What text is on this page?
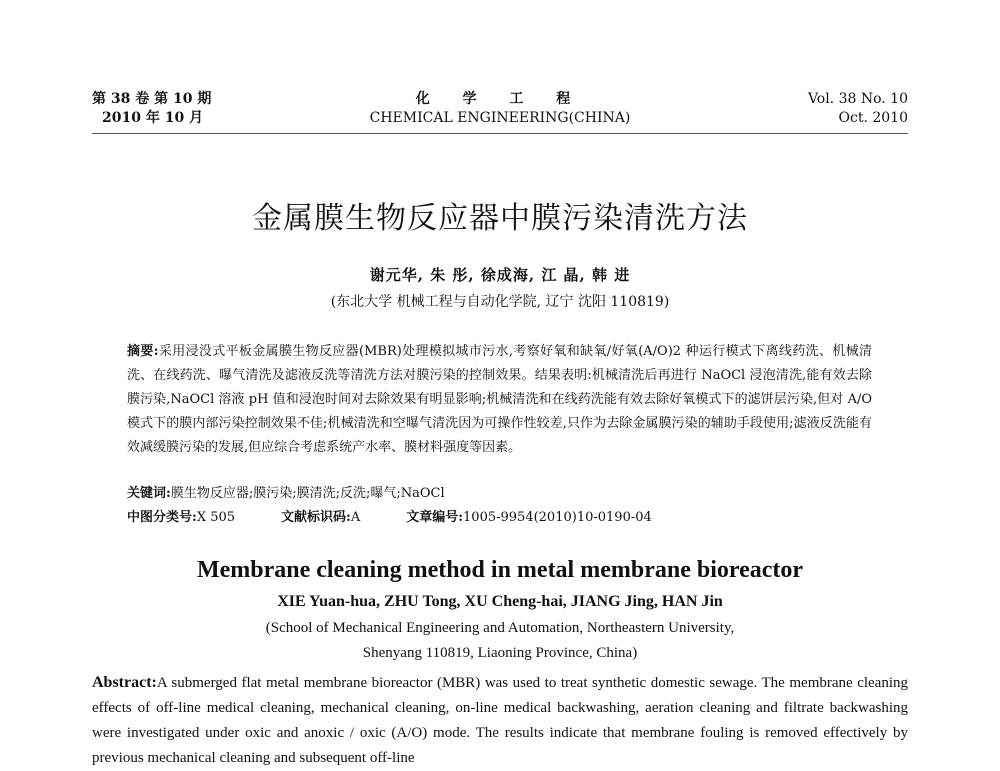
第 38 卷 第 10 期
2010 年 10 月
化 学 工 程
CHEMICAL ENGINEERING(CHINA)
Vol. 38 No. 10
Oct. 2010
金属膜生物反应器中膜污染清洗方法
谢元华, 朱 彤, 徐成海, 江 晶, 韩 进
(东北大学 机械工程与自动化学院, 辽宁 沈阳 110819)
摘要:采用浸没式平板金属膜生物反应器(MBR)处理模拟城市污水,考察好氧和缺氧/好氧(A/O)2 种运行模式下离线药洗、机械清洗、在线药洗、曝气清洗及滤液反洗等清洗方法对膜污染的控制效果。结果表明:机械清洗后再进行 NaOCl 浸泡清洗,能有效去除膜污染,NaOCl 溶液 pH 值和浸泡时间对去除效果有明显影响;机械清洗和在线药洗能有效去除好氧模式下的滤饼层污染,但对 A/O 模式下的膜内部污染控制效果不佳;机械清洗和空曝气清洗因为可操作性较差,只作为去除金属膜污染的辅助手段使用;滤液反洗能有效减缓膜污染的发展,但应综合考虑系统产水率、膜材料强度等因素。
关键词:膜生物反应器;膜污染;膜清洗;反洗;曝气;NaOCl
中图分类号:X 505	文献标识码:A	文章编号:1005-9954(2010)10-0190-04
Membrane cleaning method in metal membrane bioreactor
XIE Yuan-hua, ZHU Tong, XU Cheng-hai, JIANG Jing, HAN Jin
(School of Mechanical Engineering and Automation, Northeastern University,
Shenyang 110819, Liaoning Province, China)
Abstract:A submerged flat metal membrane bioreactor (MBR) was used to treat synthetic domestic sewage. The membrane cleaning effects of off-line medical cleaning, mechanical cleaning, on-line medical backwashing, aeration cleaning and filtrate backwashing were investigated under oxic and anoxic / oxic (A/O) mode. The results indicate that membrane fouling is removed effectively by previous mechanical cleaning and subsequent off-line
